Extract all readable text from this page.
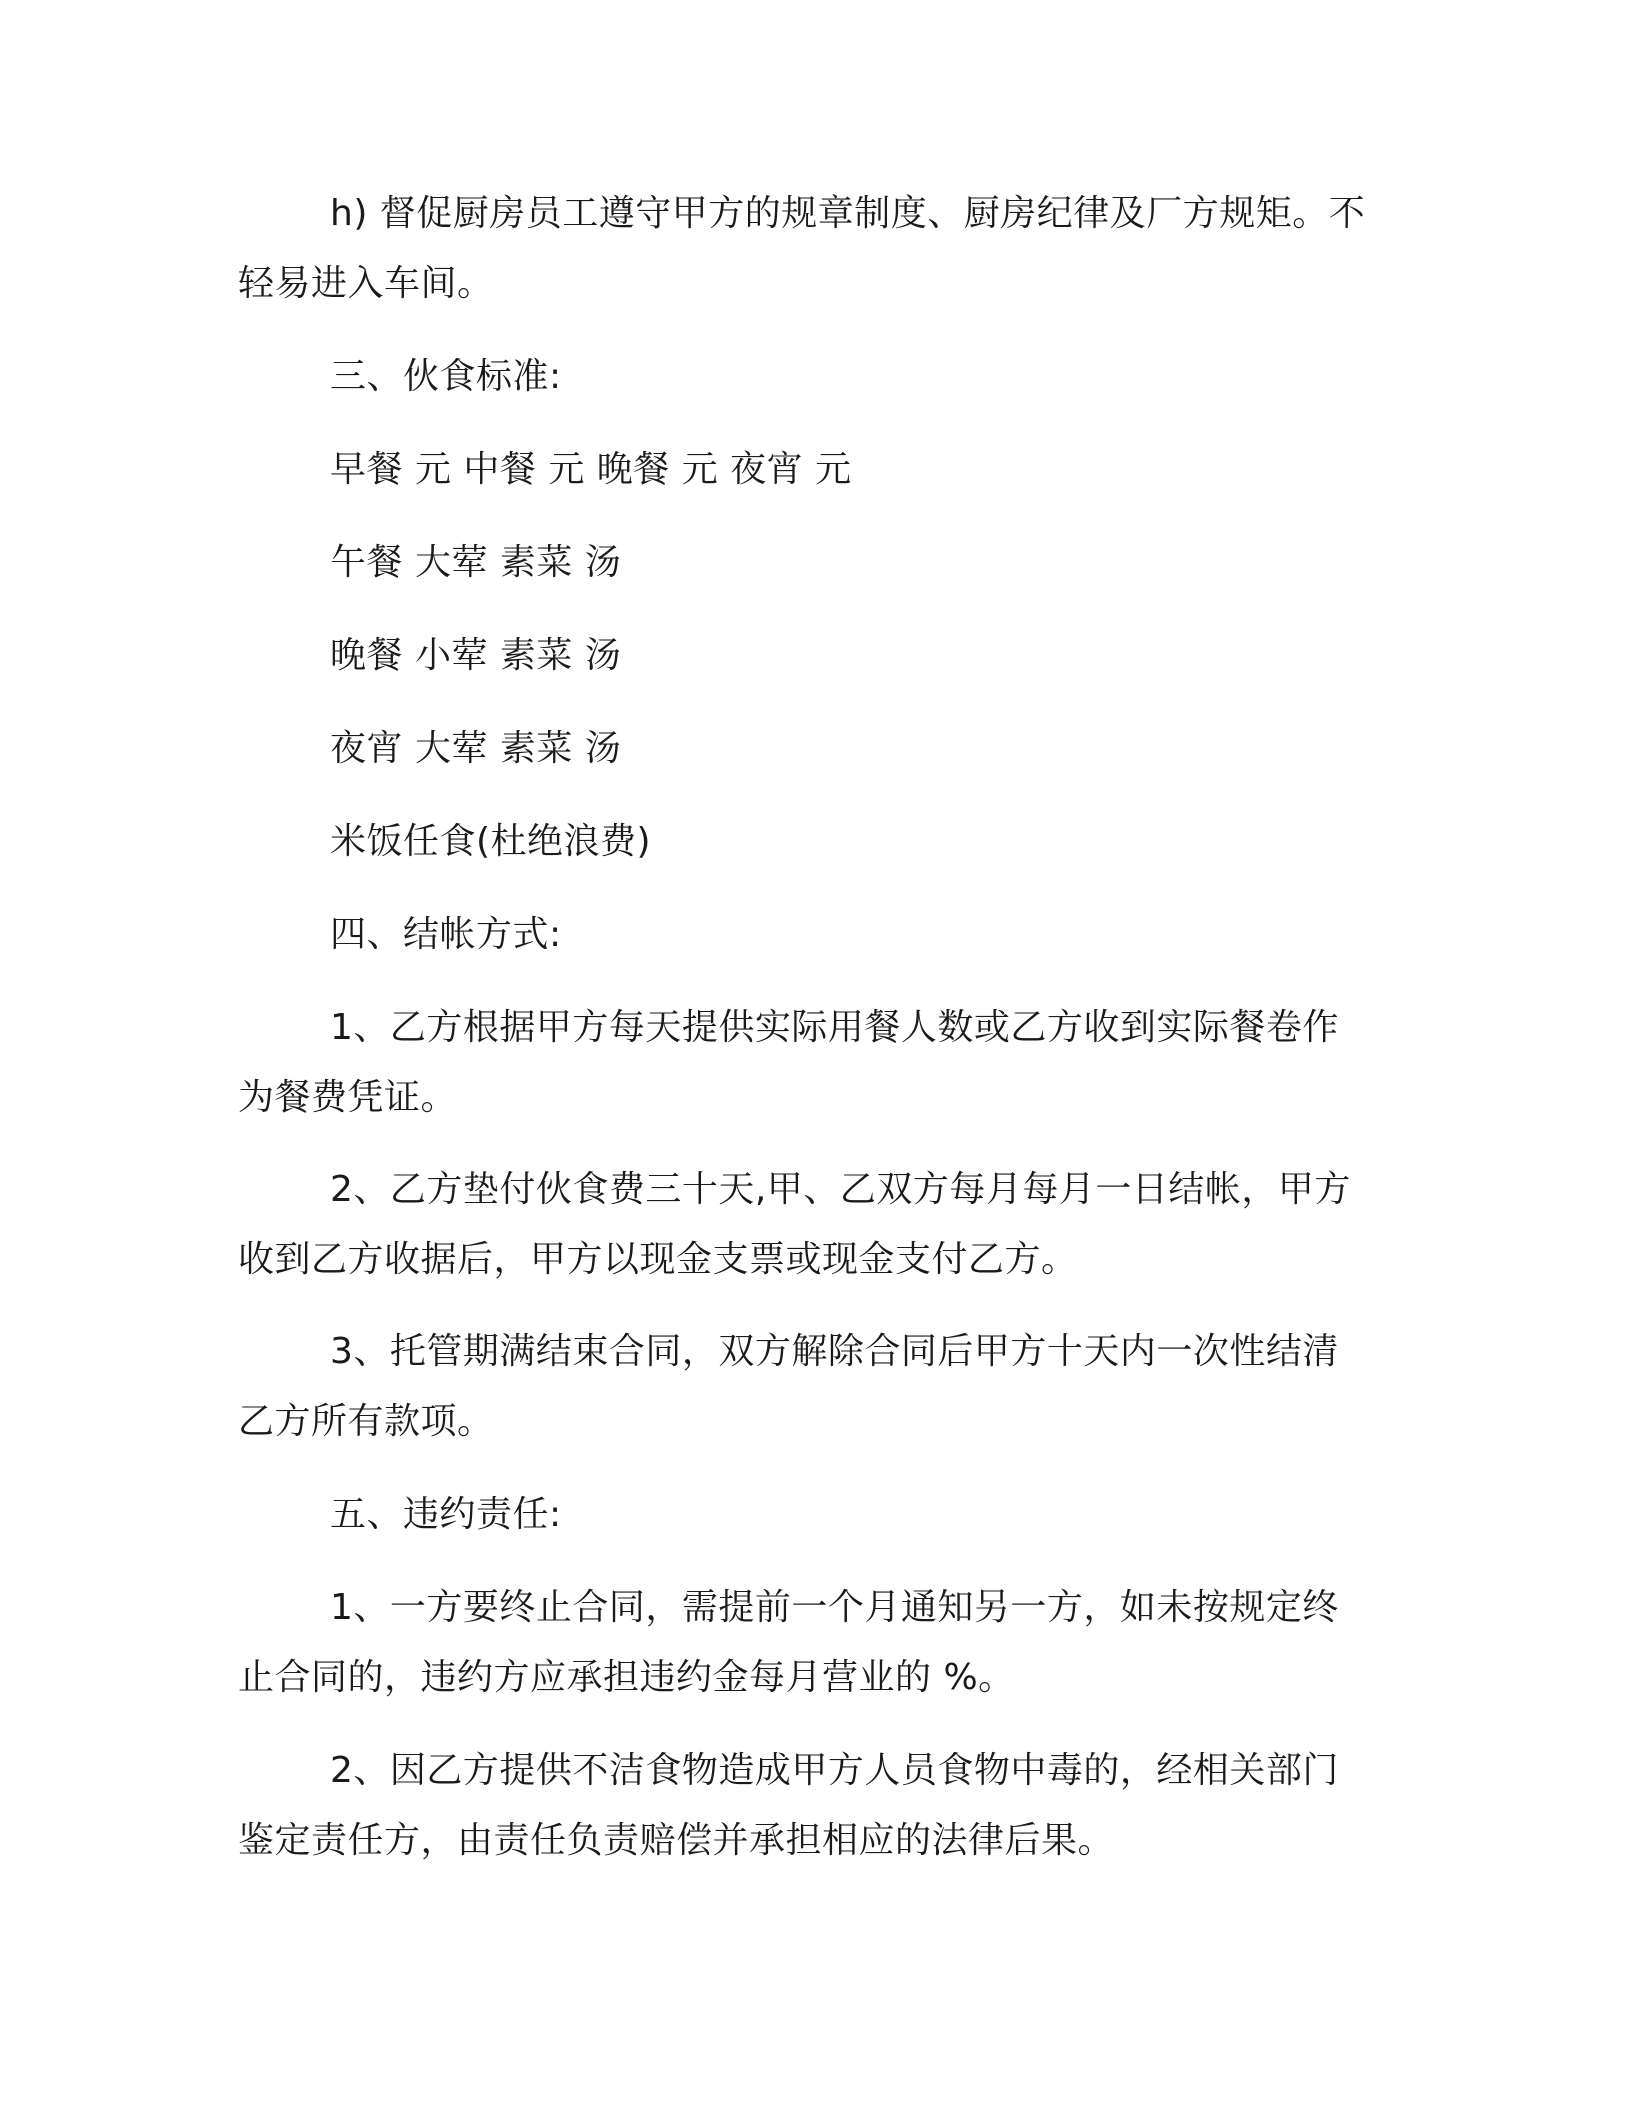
h) 督促厨房员工遵守甲方的规章制度、厨房纪律及厂方规矩。不
轻易进入车间。
三、伙食标准:
早餐 元 中餐 元 晚餐 元 夜宵 元
午餐 大荤 素菜 汤
晚餐 小荤 素菜 汤
夜宵 大荤 素菜 汤
米饭任食(杜绝浪费)
四、结帐方式:
1、乙方根据甲方每天提供实际用餐人数或乙方收到实际餐卷作
为餐费凭证。
2、乙方垫付伙食费三十天,甲、乙双方每月每月一日结帐，甲方
收到乙方收据后，甲方以现金支票或现金支付乙方。
3、托管期满结束合同，双方解除合同后甲方十天内一次性结清
乙方所有款项。
五、违约责任:
1、一方要终止合同，需提前一个月通知另一方，如未按规定终
止合同的，违约方应承担违约金每月营业的 %。
2、因乙方提供不洁食物造成甲方人员食物中毒的，经相关部门
鉴定责任方，由责任负责赔偿并承担相应的法律后果。
